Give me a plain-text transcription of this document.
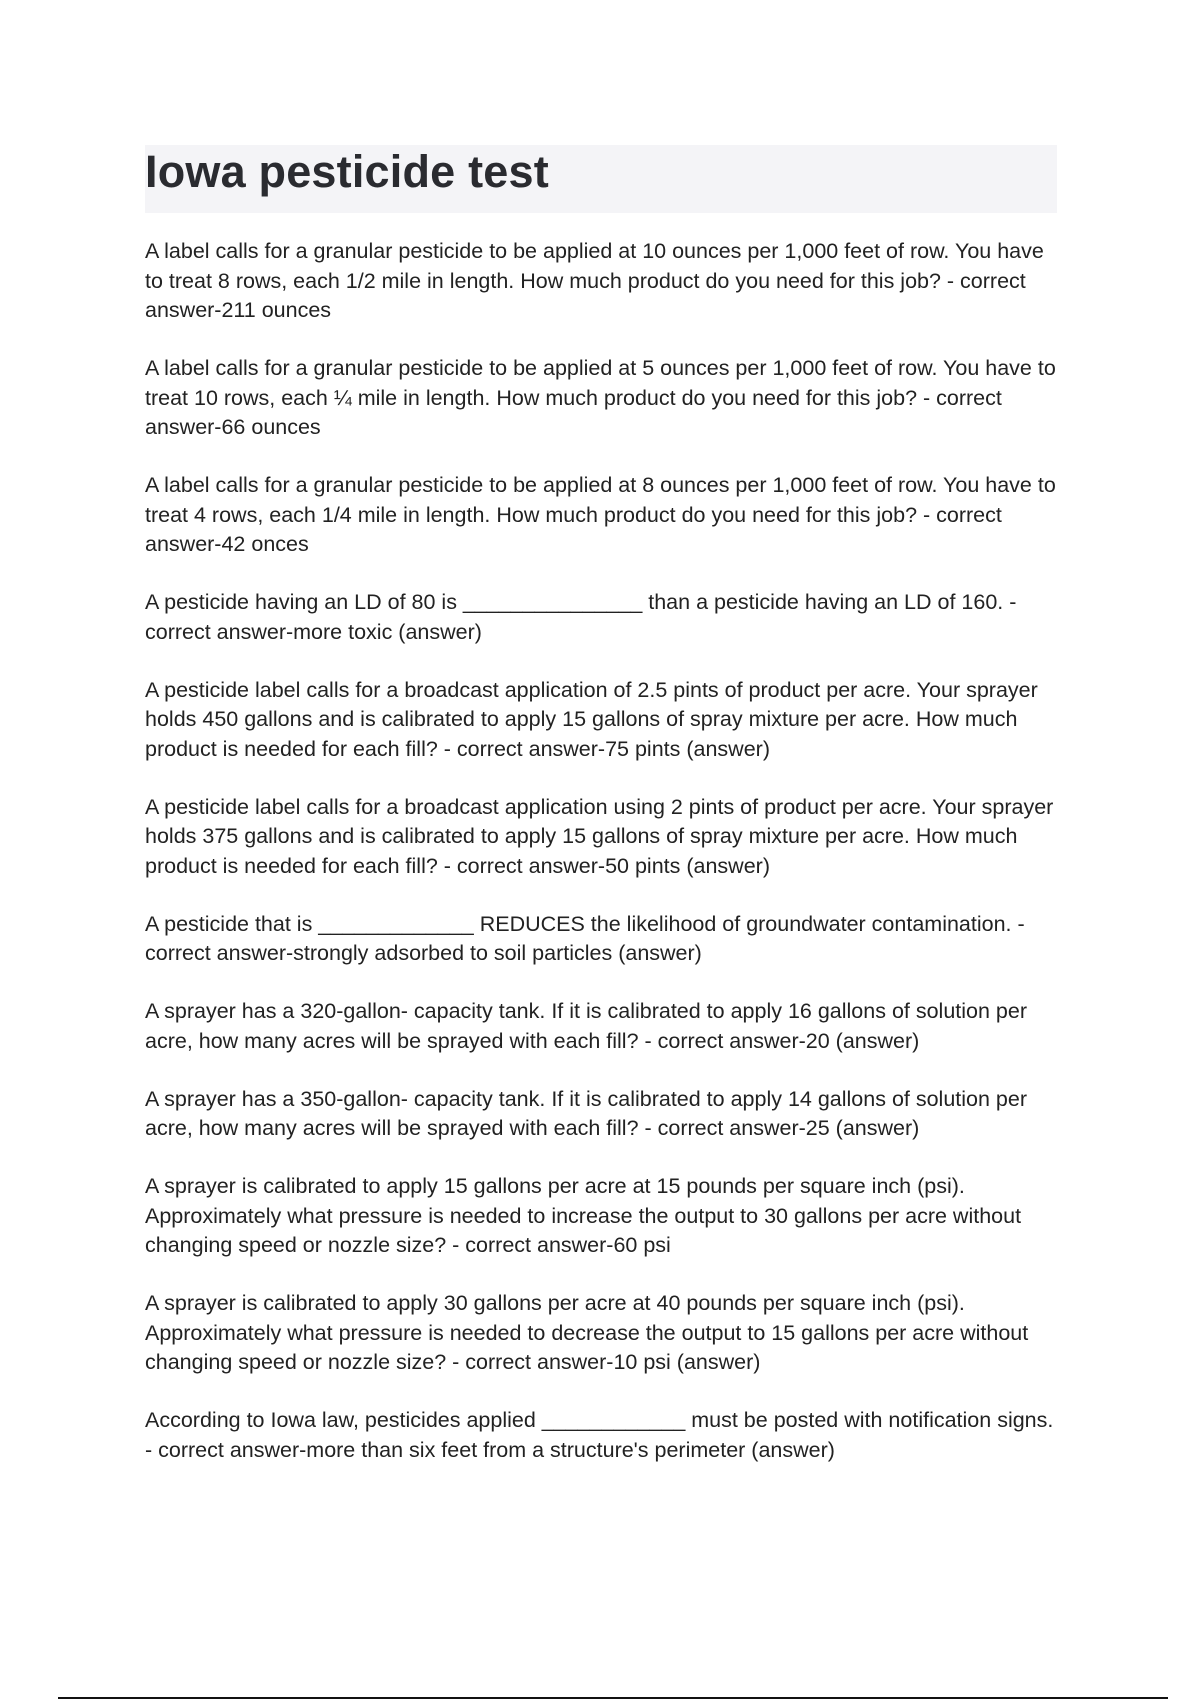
Iowa pesticide test

A label calls for a granular pesticide to be applied at 10 ounces per 1,000 feet of row. You have to treat 8 rows, each 1/2 mile in length. How much product do you need for this job? - correct answer-211 ounces

A label calls for a granular pesticide to be applied at 5 ounces per 1,000 feet of row. You have to treat 10 rows, each ¼ mile in length. How much product do you need for this job? - correct answer-66 ounces

A label calls for a granular pesticide to be applied at 8 ounces per 1,000 feet of row. You have to treat 4 rows, each 1/4 mile in length. How much product do you need for this job? - correct answer-42 onces

A pesticide having an LD of 80 is _______________ than a pesticide having an LD of 160. - correct answer-more toxic (answer)

A pesticide label calls for a broadcast application of 2.5 pints of product per acre. Your sprayer holds 450 gallons and is calibrated to apply 15 gallons of spray mixture per acre. How much product is needed for each fill? - correct answer-75 pints (answer)

A pesticide label calls for a broadcast application using 2 pints of product per acre. Your sprayer holds 375 gallons and is calibrated to apply 15 gallons of spray mixture per acre. How much product is needed for each fill? - correct answer-50 pints (answer)

A pesticide that is _____________ REDUCES the likelihood of groundwater contamination. - correct answer-strongly adsorbed to soil particles (answer)

A sprayer has a 320-gallon- capacity tank. If it is calibrated to apply 16 gallons of solution per acre, how many acres will be sprayed with each fill? - correct answer-20 (answer)

A sprayer has a 350-gallon- capacity tank. If it is calibrated to apply 14 gallons of solution per acre, how many acres will be sprayed with each fill? - correct answer-25 (answer)

A sprayer is calibrated to apply 15 gallons per acre at 15 pounds per square inch (psi). Approximately what pressure is needed to increase the output to 30 gallons per acre without changing speed or nozzle size? - correct answer-60 psi

A sprayer is calibrated to apply 30 gallons per acre at 40 pounds per square inch (psi). Approximately what pressure is needed to decrease the output to 15 gallons per acre without changing speed or nozzle size? - correct answer-10 psi (answer)

According to Iowa law, pesticides applied ____________ must be posted with notification signs. - correct answer-more than six feet from a structure's perimeter (answer)
